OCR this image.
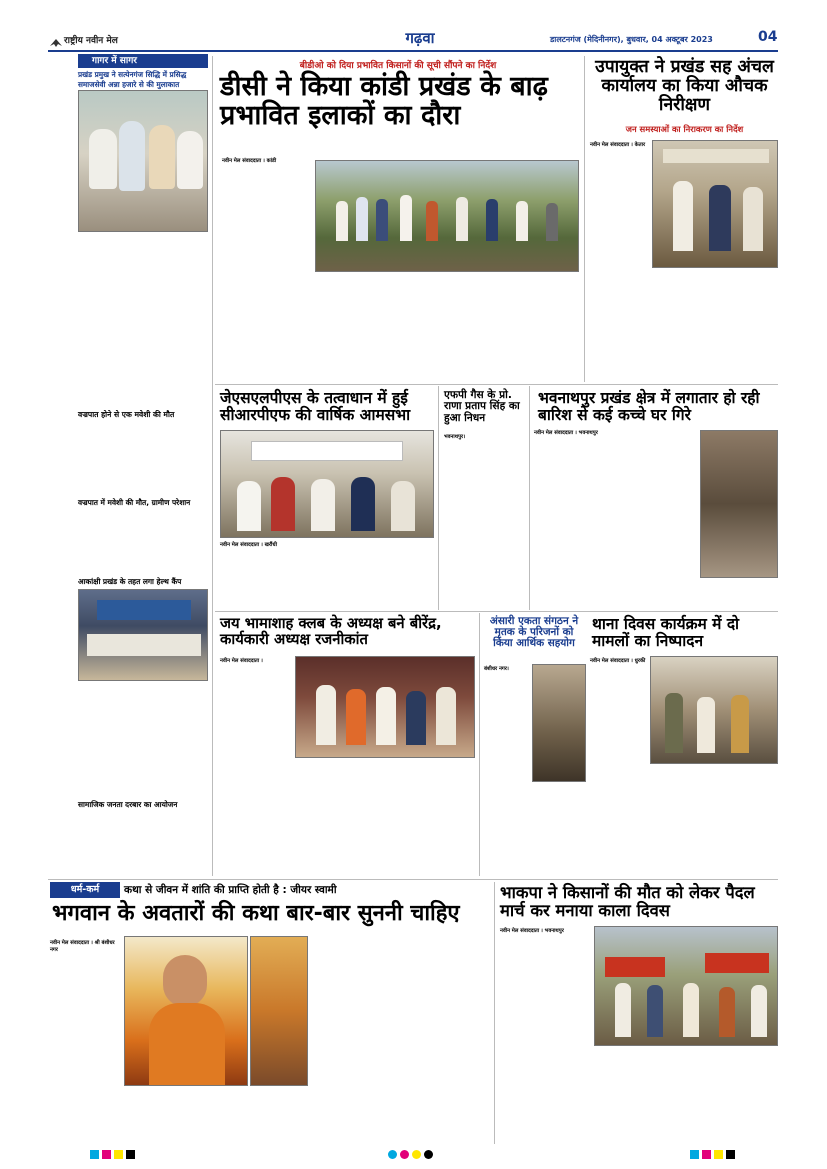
राष्ट्रीय नवीन मेल	गढ़वा	डालटनगंज (मेदिनीनगर), बुधवार, 04 अक्टूबर 2023	04
गागर में सागर
प्रखंड प्रमुख ने सत्येनगंज सिद्धि में प्रसिद्ध समाजसेवी अन्ना हजारे से की मुलाकात

वज्रपात होने से एक मवेशी की मौत

वज्रपात में मवेशी की मौत, ग्रामीण परेशान

आकांक्षी प्रखंड के तहत लगा हेल्थ कैंप

सामाजिक जनता दरबार का आयोजन

बीडीओ को दिया प्रभावित किसानों की सूची सौंपने का निर्देश
डीसी ने किया कांडी प्रखंड के बाढ़ प्रभावित इलाकों का दौरा
नवीन मेल संवाददाता । कांडी

उपायुक्त ने प्रखंड सह अंचल कार्यालय का किया औचक निरीक्षण
जन समस्याओं का निराकरण का निर्देश
नवीन मेल संवाददाता । केतार

जेएसएलपीएस के तत्वाधान में हुई सीआरपीएफ की वार्षिक आमसभा
नवीन मेल संवाददाता । खरौंधी

एफपी गैस के प्रो. राणा प्रताप सिंह का हुआ निधन
भवनाथपुर।

भवनाथपुर प्रखंड क्षेत्र में लगातार हो रही बारिश से कई कच्चे घर गिरे
नवीन मेल संवाददाता । भवनाथपुर

जय भामाशाह क्लब के अध्यक्ष बने बीरेंद्र, कार्यकारी अध्यक्ष रजनीकांत
नवीन मेल संवाददाता ।

अंसारी एकता संगठन ने मृतक के परिजनों को किया आर्थिक सहयोग
बंशीधर नगर।

थाना दिवस कार्यक्रम में दो मामलों का निष्पादन
नवीन मेल संवाददाता । धुरकी

धर्म-कर्म	कथा से जीवन में शांति की प्राप्ति होती है : जीयर स्वामी
भगवान के अवतारों की कथा बार-बार सुननी चाहिए
नवीन मेल संवाददाता । श्री बंशीधर नगर

भाकपा ने किसानों की मौत को लेकर पैदल मार्च कर मनाया काला दिवस
नवीन मेल संवाददाता । भवनाथपुर
